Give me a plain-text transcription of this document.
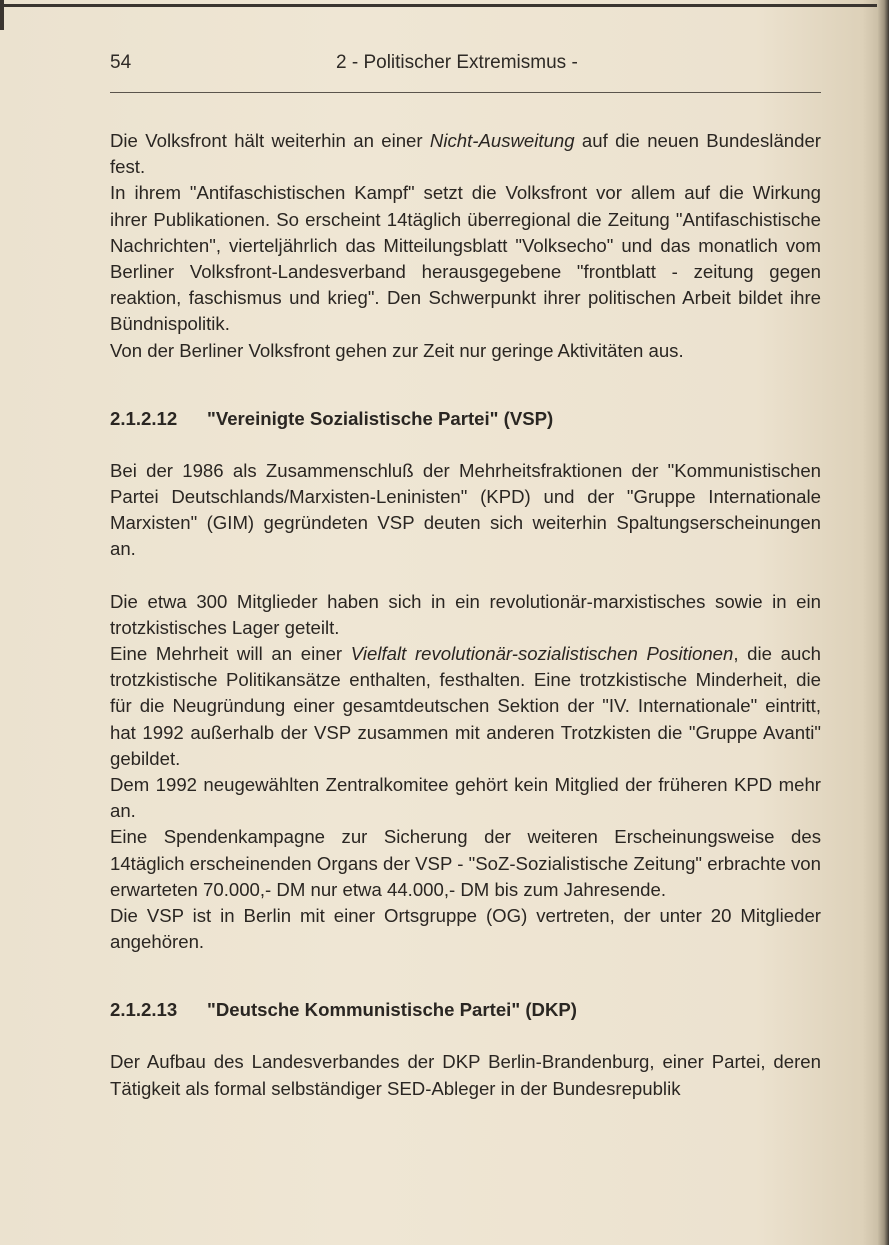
54	2 - Politischer Extremismus -

Die Volksfront hält weiterhin an einer Nicht-Ausweitung auf die neuen Bundesländer fest.

In ihrem "Antifaschistischen Kampf" setzt die Volksfront vor allem auf die Wirkung ihrer Publikationen. So erscheint 14täglich überregional die Zeitung "Antifaschistische Nachrichten", vierteljährlich das Mitteilungsblatt "Volksecho" und das monatlich vom Berliner Volksfront-Landesverband herausgegebene "frontblatt - zeitung gegen reaktion, faschismus und krieg". Den Schwerpunkt ihrer politischen Arbeit bildet ihre Bündnispolitik.

Von der Berliner Volksfront gehen zur Zeit nur geringe Aktivitäten aus.

2.1.2.12 "Vereinigte Sozialistische Partei" (VSP)

Bei der 1986 als Zusammenschluß der Mehrheitsfraktionen der "Kommunistischen Partei Deutschlands/Marxisten-Leninisten" (KPD) und der "Gruppe Internationale Marxisten" (GIM) gegründeten VSP deuten sich weiterhin Spaltungserscheinungen an.

Die etwa 300 Mitglieder haben sich in ein revolutionär-marxistisches sowie in ein trotzkistisches Lager geteilt.

Eine Mehrheit will an einer Vielfalt revolutionär-sozialistischen Positionen, die auch trotzkistische Politikansätze enthalten, festhalten. Eine trotzkistische Minderheit, die für die Neugründung einer gesamtdeutschen Sektion der "IV. Internationale" eintritt, hat 1992 außerhalb der VSP zusammen mit anderen Trotzkisten die "Gruppe Avanti" gebildet.

Dem 1992 neugewählten Zentralkomitee gehört kein Mitglied der früheren KPD mehr an.

Eine Spendenkampagne zur Sicherung der weiteren Erscheinungsweise des 14täglich erscheinenden Organs der VSP - "SoZ-Sozialistische Zeitung" erbrachte von erwarteten 70.000,- DM nur etwa 44.000,- DM bis zum Jahresende.

Die VSP ist in Berlin mit einer Ortsgruppe (OG) vertreten, der unter 20 Mitglieder angehören.

2.1.2.13 "Deutsche Kommunistische Partei" (DKP)

Der Aufbau des Landesverbandes der DKP Berlin-Brandenburg, einer Partei, deren Tätigkeit als formal selbständiger SED-Ableger in der Bundesrepublik
